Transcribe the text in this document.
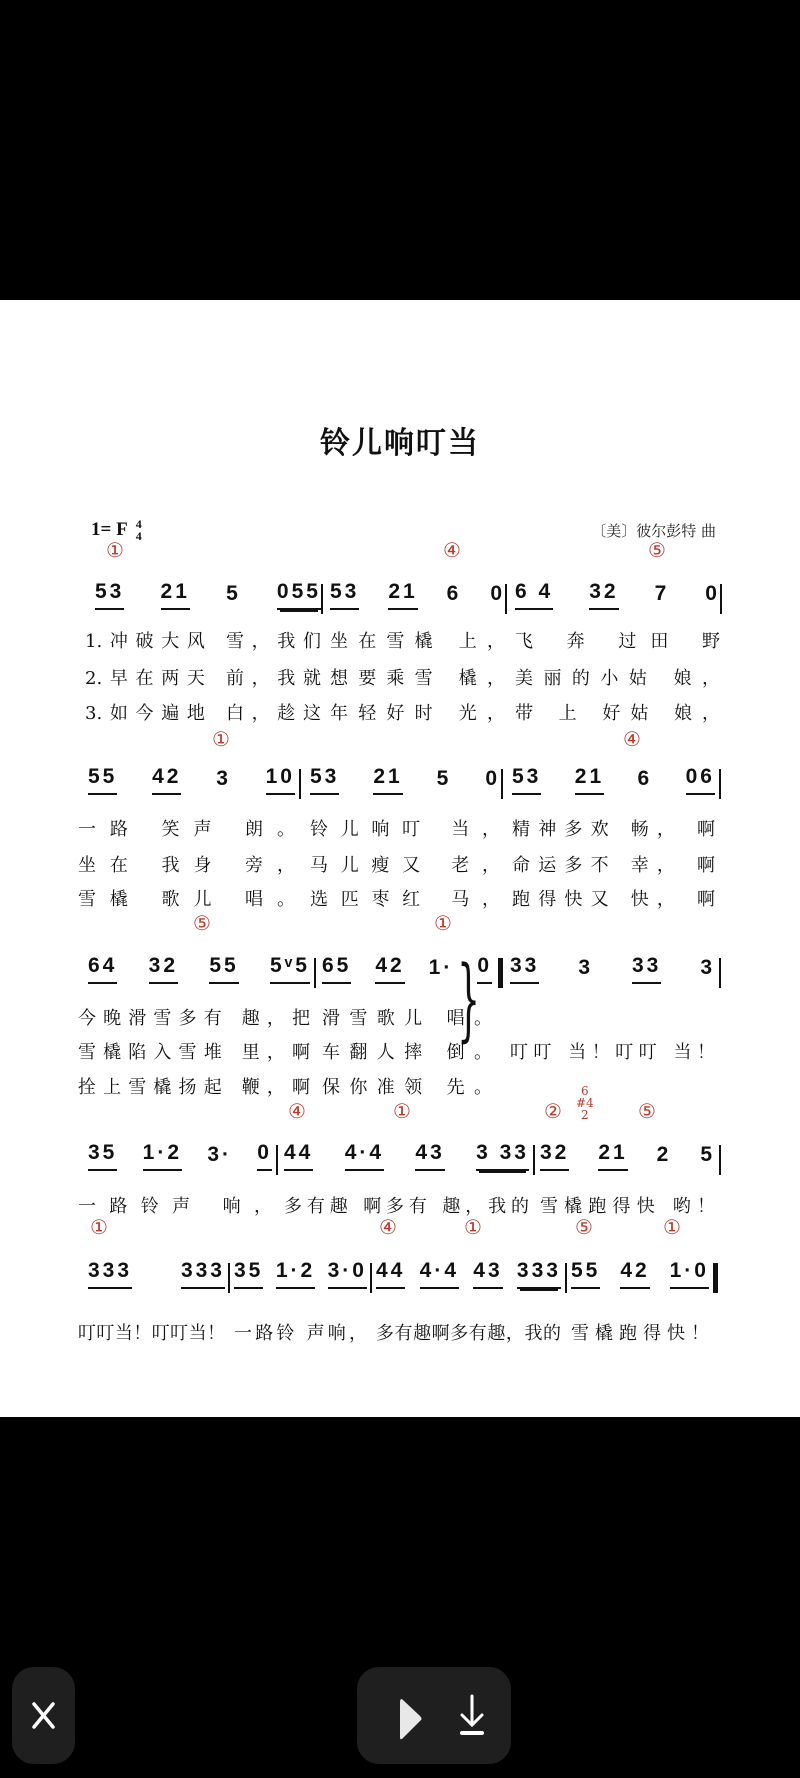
铃儿响叮当
1= F 4
4	〔美〕彼尔彭特 曲
53 21 5 055
1.冲破大风 雪，我们
2.早在两天 前，我就
3.如今遍地 白，趁这
53 21 6 0
坐在雪橇 上，
想要乘雪 橇，
年轻好时 光，
6 4 32 7 0
飞 奔 过田 野
美丽的小姑 娘，
带 上 好姑 娘，
①	④	⑤
55 42 3 10
一路 笑声 朗。
坐在 我身 旁，
雪橇 歌儿 唱。
53 21 5 0
铃儿响叮 当，
马儿瘦又 老，
选匹枣红 马，
53 21 6 06
精神多欢 畅， 啊
命运多不 幸， 啊
跑得快又 快， 啊
①	④
64 32 55 5ᵛ5
今晚滑雪多有 趣，把
雪橇陷入雪堆 里，啊
拴上雪橇扬起 鞭，啊
65 42 1· 0
滑雪歌儿 唱。
车翻人摔 倒。
保你准领 先。
33 3 33 3
叮叮 当！叮叮 当！
⑤	①
35 1·2 3· 0
一路铃声 响，
44 4·4 43 3 33
多有趣 啊多有 趣，我的
32 21 2 5
雪橇跑得快 哟！
④	①	②	⑤
6
#4
2
333 333
叮叮当！叮叮当！
35 1·2 3·0
一路铃 声响，
44 4·4 43 333
多有趣啊多有趣，我的
55 42 1·0
雪橇跑得快！
①	④	①	⑤	①
}
